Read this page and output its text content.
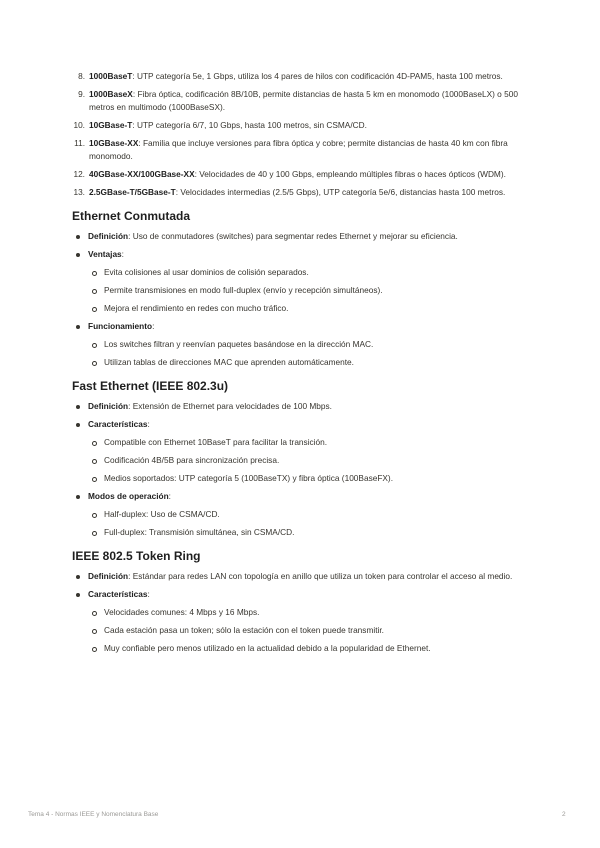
8. 1000BaseT: UTP categoría 5e, 1 Gbps, utiliza los 4 pares de hilos con codificación 4D-PAM5, hasta 100 metros.
9. 1000BaseX: Fibra óptica, codificación 8B/10B, permite distancias de hasta 5 km en monomodo (1000BaseLX) o 500 metros en multimodo (1000BaseSX).
10. 10GBase-T: UTP categoría 6/7, 10 Gbps, hasta 100 metros, sin CSMA/CD.
11. 10GBase-XX: Familia que incluye versiones para fibra óptica y cobre; permite distancias de hasta 40 km con fibra monomodo.
12. 40GBase-XX/100GBase-XX: Velocidades de 40 y 100 Gbps, empleando múltiples fibras o haces ópticos (WDM).
13. 2.5GBase-T/5GBase-T: Velocidades intermedias (2.5/5 Gbps), UTP categoría 5e/6, distancias hasta 100 metros.
Ethernet Conmutada
Definición: Uso de conmutadores (switches) para segmentar redes Ethernet y mejorar su eficiencia.
Ventajas:
Evita colisiones al usar dominios de colisión separados.
Permite transmisiones en modo full-duplex (envío y recepción simultáneos).
Mejora el rendimiento en redes con mucho tráfico.
Funcionamiento:
Los switches filtran y reenvían paquetes basándose en la dirección MAC.
Utilizan tablas de direcciones MAC que aprenden automáticamente.
Fast Ethernet (IEEE 802.3u)
Definición: Extensión de Ethernet para velocidades de 100 Mbps.
Características:
Compatible con Ethernet 10BaseT para facilitar la transición.
Codificación 4B/5B para sincronización precisa.
Medios soportados: UTP categoría 5 (100BaseTX) y fibra óptica (100BaseFX).
Modos de operación:
Half-duplex: Uso de CSMA/CD.
Full-duplex: Transmisión simultánea, sin CSMA/CD.
IEEE 802.5 Token Ring
Definición: Estándar para redes LAN con topología en anillo que utiliza un token para controlar el acceso al medio.
Características:
Velocidades comunes: 4 Mbps y 16 Mbps.
Cada estación pasa un token; sólo la estación con el token puede transmitir.
Muy confiable pero menos utilizado en la actualidad debido a la popularidad de Ethernet.
Tema 4 - Normas IEEE y Nomenclatura Base	2
